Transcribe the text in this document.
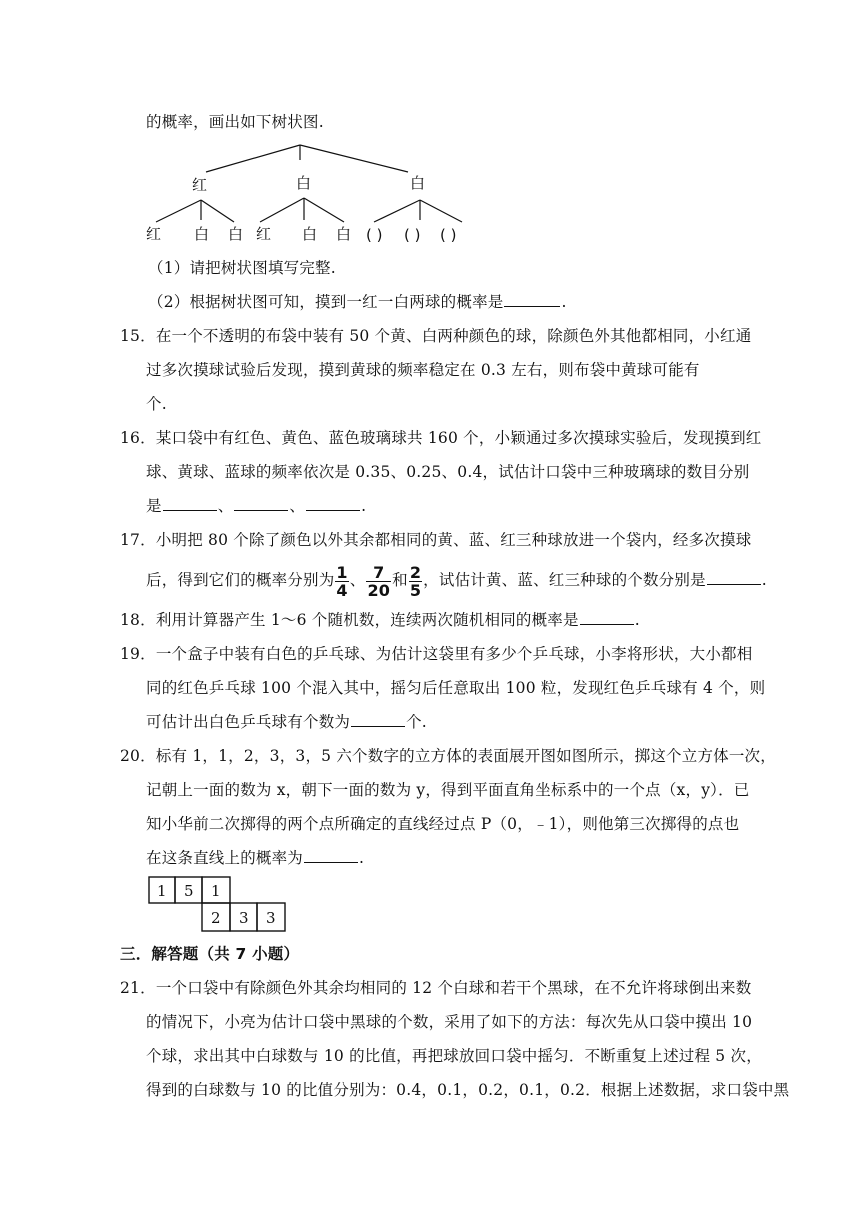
的概率，画出如下树状图.
红	白	白
红 白 白 红 白 白 ( ) ( ) ( )
（1）请把树状图填写完整.
（2）根据树状图可知，摸到一红一白两球的概率是	.
15．在一个不透明的布袋中装有 50 个黄、白两种颜色的球，除颜色外其他都相同，小红通
过多次摸球试验后发现，摸到黄球的频率稳定在 0.3 左右，则布袋中黄球可能有
个.
16．某口袋中有红色、黄色、蓝色玻璃球共 160 个，小颖通过多次摸球实验后，发现摸到红
球、黄球、蓝球的频率依次是 0.35、0.25、0.4，试估计口袋中三种玻璃球的数目分别
是	、	、	.
17．小明把 80 个除了颜色以外其余都相同的黄、蓝、红三种球放进一个袋内，经多次摸球
后，得到它们的概率分别为 $\frac{1}{4}$ 、 $\frac{7}{20}$ 和 $\frac{2}{5}$ ，试估计黄、蓝、红三种球的个数分别是	.
18．利用计算器产生 1～6 个随机数，连续两次随机相同的概率是	.
19．一个盒子中装有白色的乒乓球、为估计这袋里有多少个乒乓球，小李将形状，大小都相
同的红色乒乓球 100 个混入其中，摇匀后任意取出 100 粒，发现红色乒乓球有 4 个，则
可估计出白色乒乓球有个数为	个.
20．标有 1，1，2，3，3，5 六个数字的立方体的表面展开图如图所示，掷这个立方体一次，
记朝上一面的数为 x，朝下一面的数为 y，得到平面直角坐标系中的一个点（x，y）．已
知小华前二次掷得的两个点所确定的直线经过点 P（0，﹣1），则他第三次掷得的点也
在这条直线上的概率为	.
1 5 1
2 3 3
三．解答题（共 7 小题）
21．一个口袋中有除颜色外其余均相同的 12 个白球和若干个黑球，在不允许将球倒出来数
的情况下，小亮为估计口袋中黑球的个数，采用了如下的方法：每次先从口袋中摸出 10
个球，求出其中白球数与 10 的比值，再把球放回口袋中摇匀．不断重复上述过程 5 次，
得到的白球数与 10 的比值分别为：0.4，0.1，0.2，0.1，0.2．根据上述数据，求口袋中黑
